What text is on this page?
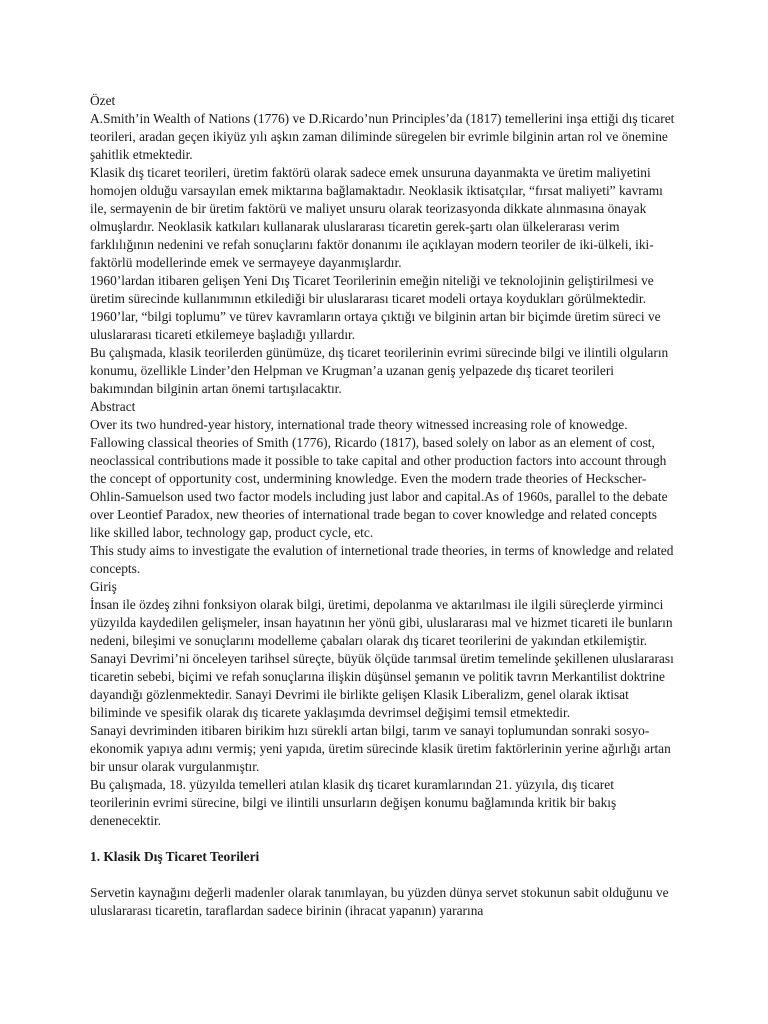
Özet

A.Smith’in Wealth of Nations (1776) ve D.Ricardo’nun Principles’da (1817) temellerini inşa ettiği dış ticaret teorileri, aradan geçen ikiyüz yılı aşkın zaman diliminde süregelen bir evrimle bilginin artan rol ve önemine şahitlik etmektedir.

Klasik dış ticaret teorileri, üretim faktörü olarak sadece emek unsuruna dayanmakta ve üretim maliyetini homojen olduğu varsayılan emek miktarına bağlamaktadır. Neoklasik iktisatçılar, “fırsat maliyeti” kavramı ile, sermayenin de bir üretim faktörü ve maliyet unsuru olarak teorizasyonda dikkate alınmasına önayak olmuşlardır. Neoklasik katkıları kullanarak uluslararası ticaretin gerek-şartı olan ülkelerarası verim farklılığının nedenini ve refah sonuçlarını faktör donanımı ile açıklayan modern teoriler de iki-ülkeli, iki-faktörlü modellerinde emek ve sermayeye dayanmışlardır.

1960’lardan itibaren gelişen Yeni Dış Ticaret Teorilerinin emeğin niteliği ve teknolojinin geliştirilmesi ve üretim sürecinde kullanımının etkilediği bir uluslararası ticaret modeli ortaya koydukları görülmektedir. 1960’lar, “bilgi toplumu” ve türev kavramların ortaya çıktığı ve bilginin artan bir biçimde üretim süreci ve uluslararası ticareti etkilemeye başladığı yıllardır.

Bu çalışmada, klasik teorilerden günümüze, dış ticaret teorilerinin evrimi sürecinde bilgi ve ilintili olguların konumu, özellikle Linder’den Helpman ve Krugman’a uzanan geniş yelpazede dış ticaret teorileri bakımından bilginin artan önemi tartışılacaktır.

Abstract

Over its two hundred-year history, international trade theory witnessed increasing role of knowedge. Fallowing classical theories of Smith (1776), Ricardo (1817), based solely on labor as an element of cost, neoclassical contributions made it possible to take capital and other production factors into account through the concept of opportunity cost, undermining knowledge. Even the modern trade theories of Heckscher-Ohlin-Samuelson used two factor models including just labor and capital.As of 1960s, parallel to the debate over Leontief Paradox, new theories of international trade began to cover knowledge and related concepts like skilled labor, technology gap, product cycle, etc.

This study aims to investigate the evalution of internetional trade theories, in terms of knowledge and related concepts.

Giriş

İnsan ile özdeş zihni fonksiyon olarak bilgi, üretimi, depolanma ve aktarılması ile ilgili süreçlerde yirminci yüzyılda kaydedilen gelişmeler, insan hayatının her yönü gibi, uluslararası mal ve hizmet ticareti ile bunların nedeni, bileşimi ve sonuçlarını modelleme çabaları olarak dış ticaret teorilerini de yakından etkilemiştir.

Sanayi Devrimi’ni önceleyen tarihsel süreçte, büyük ölçüde tarımsal üretim temelinde şekillenen uluslararası ticaretin sebebi, biçimi ve refah sonuçlarına ilişkin düşünsel şemanın ve politik tavrın Merkantilist doktrine dayandığı gözlenmektedir. Sanayi Devrimi ile birlikte gelişen Klasik Liberalizm, genel olarak iktisat biliminde ve spesifik olarak dış ticarete yaklaşımda devrimsel değişimi temsil etmektedir.

Sanayi devriminden itibaren birikim hızı sürekli artan bilgi, tarım ve sanayi toplumundan sonraki sosyo-ekonomik yapıya adını vermiş; yeni yapıda, üretim sürecinde klasik üretim faktörlerinin yerine ağırlığı artan bir unsur olarak vurgulanmıştır.

Bu çalışmada, 18. yüzyılda temelleri atılan klasik dış ticaret kuramlarından 21. yüzyıla, dış ticaret teorilerinin evrimi sürecine, bilgi ve ilintili unsurların değişen konumu bağlamında kritik bir bakış denenecektir.

1. Klasik Dış Ticaret Teorileri

Servetin kaynağını değerli madenler olarak tanımlayan, bu yüzden dünya servet stokunun sabit olduğunu ve uluslararası ticaretin, taraflardan sadece birinin (ihracat yapanın) yararına
